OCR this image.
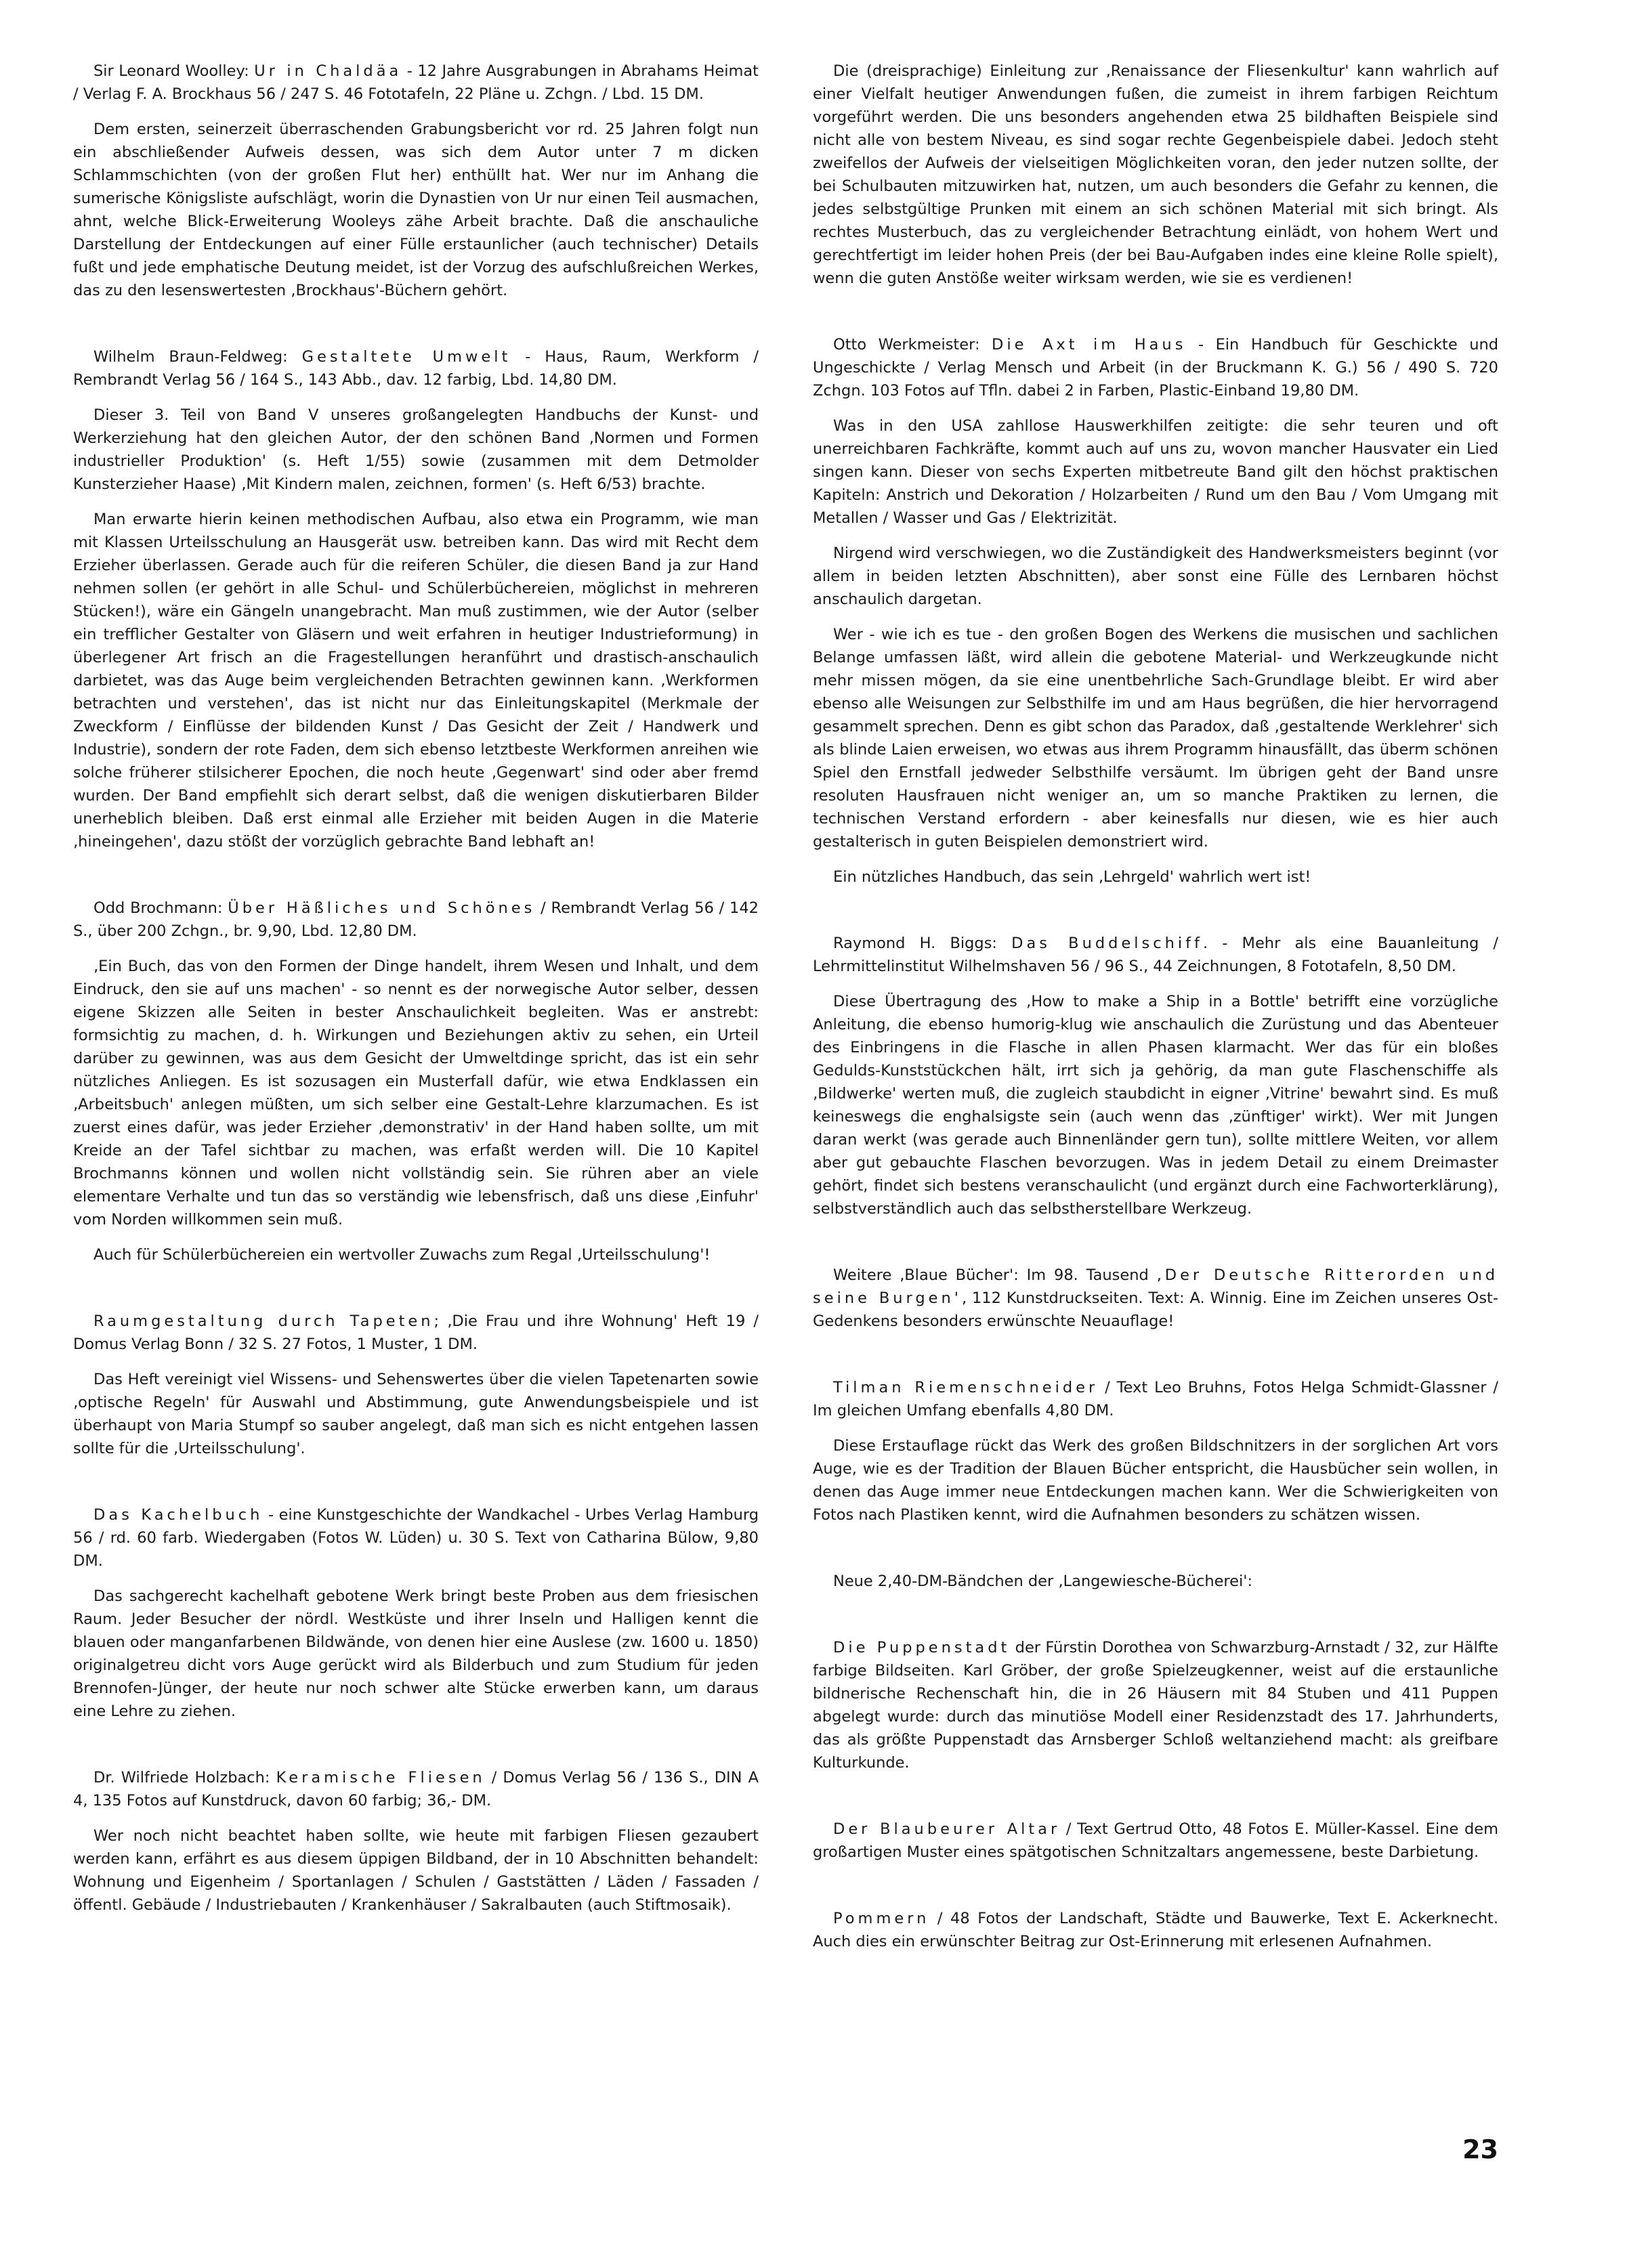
Sir Leonard Woolley: Ur in Chaldäa - 12 Jahre Ausgrabungen in Abrahams Heimat / Verlag F. A. Brockhaus 56 / 247 S. 46 Fototafeln, 22 Pläne u. Zchgn. / Lbd. 15 DM.

Dem ersten, seinerzeit überraschenden Grabungsbericht vor rd. 25 Jahren folgt nun ein abschließender Aufweis dessen, was sich dem Autor unter 7 m dicken Schlammschichten (von der großen Flut her) enthüllt hat. Wer nur im Anhang die sumerische Königsliste aufschlägt, worin die Dynastien von Ur nur einen Teil ausmachen, ahnt, welche Blick-Erweiterung Wooleys zähe Arbeit brachte. Daß die anschauliche Darstellung der Entdeckungen auf einer Fülle erstaunlicher (auch technischer) Details fußt und jede emphatische Deutung meidet, ist der Vorzug des aufschlußreichen Werkes, das zu den lesenswertesten ‚Brockhaus'-Büchern gehört.

Wilhelm Braun-Feldweg: Gestaltete Umwelt - Haus, Raum, Werkform / Rembrandt Verlag 56 / 164 S., 143 Abb., dav. 12 farbig, Lbd. 14,80 DM.

Dieser 3. Teil von Band V unseres großangelegten Handbuchs der Kunst- und Werkerziehung hat den gleichen Autor, der den schönen Band ‚Normen und Formen industrieller Produktion' (s. Heft 1/55) sowie (zusammen mit dem Detmolder Kunsterzieher Haase) ‚Mit Kindern malen, zeichnen, formen' (s. Heft 6/53) brachte.

Man erwarte hierin keinen methodischen Aufbau, also etwa ein Programm, wie man mit Klassen Urteilsschulung an Hausgerät usw. betreiben kann. Das wird mit Recht dem Erzieher überlassen. Gerade auch für die reiferen Schüler, die diesen Band ja zur Hand nehmen sollen (er gehört in alle Schul- und Schülerbüchereien, möglichst in mehreren Stücken!), wäre ein Gängeln unangebracht. Man muß zustimmen, wie der Autor (selber ein trefflicher Gestalter von Gläsern und weit erfahren in heutiger Industrieformung) in überlegener Art frisch an die Fragestellungen heranführt und drastisch-anschaulich darbietet, was das Auge beim vergleichenden Betrachten gewinnen kann. ‚Werkformen betrachten und verstehen', das ist nicht nur das Einleitungskapitel (Merkmale der Zweckform / Einflüsse der bildenden Kunst / Das Gesicht der Zeit / Handwerk und Industrie), sondern der rote Faden, dem sich ebenso letztbeste Werkformen anreihen wie solche früherer stilsicherer Epochen, die noch heute ‚Gegenwart' sind oder aber fremd wurden. Der Band empfiehlt sich derart selbst, daß die wenigen diskutierbaren Bilder unerheblich bleiben. Daß erst einmal alle Erzieher mit beiden Augen in die Materie ‚hineingehen', dazu stößt der vorzüglich gebrachte Band lebhaft an!

Odd Brochmann: Über Häßliches und Schönes / Rembrandt Verlag 56 / 142 S., über 200 Zchgn., br. 9,90, Lbd. 12,80 DM.

‚Ein Buch, das von den Formen der Dinge handelt, ihrem Wesen und Inhalt, und dem Eindruck, den sie auf uns machen' - so nennt es der norwegische Autor selber, dessen eigene Skizzen alle Seiten in bester Anschaulichkeit begleiten. Was er anstrebt: formsichtig zu machen, d. h. Wirkungen und Beziehungen aktiv zu sehen, ein Urteil darüber zu gewinnen, was aus dem Gesicht der Umweltdinge spricht, das ist ein sehr nützliches Anliegen. Es ist sozusagen ein Musterfall dafür, wie etwa Endklassen ein ‚Arbeitsbuch' anlegen müßten, um sich selber eine Gestalt-Lehre klarzumachen. Es ist zuerst eines dafür, was jeder Erzieher ‚demonstrativ' in der Hand haben sollte, um mit Kreide an der Tafel sichtbar zu machen, was erfaßt werden will. Die 10 Kapitel Brochmanns können und wollen nicht vollständig sein. Sie rühren aber an viele elementare Verhalte und tun das so verständig wie lebensfrisch, daß uns diese ‚Einfuhr' vom Norden willkommen sein muß.

Auch für Schülerbüchereien ein wertvoller Zuwachs zum Regal ‚Urteilsschulung'!

Raumgestaltung durch Tapeten; ‚Die Frau und ihre Wohnung' Heft 19 / Domus Verlag Bonn / 32 S. 27 Fotos, 1 Muster, 1 DM.

Das Heft vereinigt viel Wissens- und Sehenswertes über die vielen Tapetenarten sowie ‚optische Regeln' für Auswahl und Abstimmung, gute Anwendungsbeispiele und ist überhaupt von Maria Stumpf so sauber angelegt, daß man sich es nicht entgehen lassen sollte für die ‚Urteilsschulung'.

Das Kachelbuch - eine Kunstgeschichte der Wandkachel - Urbes Verlag Hamburg 56 / rd. 60 farb. Wiedergaben (Fotos W. Lüden) u. 30 S. Text von Catharina Bülow, 9,80 DM.

Das sachgerecht kachelhaft gebotene Werk bringt beste Proben aus dem friesischen Raum. Jeder Besucher der nördl. Westküste und ihrer Inseln und Halligen kennt die blauen oder manganfarbenen Bildwände, von denen hier eine Auslese (zw. 1600 u. 1850) originalgetreu dicht vors Auge gerückt wird als Bilderbuch und zum Studium für jeden Brennofen-Jünger, der heute nur noch schwer alte Stücke erwerben kann, um daraus eine Lehre zu ziehen.

Dr. Wilfriede Holzbach: Keramische Fliesen / Domus Verlag 56 / 136 S., DIN A 4, 135 Fotos auf Kunstdruck, davon 60 farbig; 36,- DM.

Wer noch nicht beachtet haben sollte, wie heute mit farbigen Fliesen gezaubert werden kann, erfährt es aus diesem üppigen Bildband, der in 10 Abschnitten behandelt: Wohnung und Eigenheim / Sportanlagen / Schulen / Gaststätten / Läden / Fassaden / öffentl. Gebäude / Industriebauten / Krankenhäuser / Sakralbauten (auch Stiftmosaik).

Die (dreisprachige) Einleitung zur ‚Renaissance der Fliesenkultur' kann wahrlich auf einer Vielfalt heutiger Anwendungen fußen, die zumeist in ihrem farbigen Reichtum vorgeführt werden. Die uns besonders angehenden etwa 25 bildhaften Beispiele sind nicht alle von bestem Niveau, es sind sogar rechte Gegenbeispiele dabei. Jedoch steht zweifellos der Aufweis der vielseitigen Möglichkeiten voran, den jeder nutzen sollte, der bei Schulbauten mitzuwirken hat, nutzen, um auch besonders die Gefahr zu kennen, die jedes selbstgültige Prunken mit einem an sich schönen Material mit sich bringt. Als rechtes Musterbuch, das zu vergleichender Betrachtung einlädt, von hohem Wert und gerechtfertigt im leider hohen Preis (der bei Bau-Aufgaben indes eine kleine Rolle spielt), wenn die guten Anstöße weiter wirksam werden, wie sie es verdienen!

Otto Werkmeister: Die Axt im Haus - Ein Handbuch für Geschickte und Ungeschickte / Verlag Mensch und Arbeit (in der Bruckmann K. G.) 56 / 490 S. 720 Zchgn. 103 Fotos auf Tfln. dabei 2 in Farben, Plastic-Einband 19,80 DM.

Was in den USA zahllose Hauswerkhilfen zeitigte: die sehr teuren und oft unerreichbaren Fachkräfte, kommt auch auf uns zu, wovon mancher Hausvater ein Lied singen kann. Dieser von sechs Experten mitbetreute Band gilt den höchst praktischen Kapiteln: Anstrich und Dekoration / Holzarbeiten / Rund um den Bau / Vom Umgang mit Metallen / Wasser und Gas / Elektrizität.

Nirgend wird verschwiegen, wo die Zuständigkeit des Handwerksmeisters beginnt (vor allem in beiden letzten Abschnitten), aber sonst eine Fülle des Lernbaren höchst anschaulich dargetan.

Wer - wie ich es tue - den großen Bogen des Werkens die musischen und sachlichen Belange umfassen läßt, wird allein die gebotene Material- und Werkzeugkunde nicht mehr missen mögen, da sie eine unentbehrliche Sach-Grundlage bleibt. Er wird aber ebenso alle Weisungen zur Selbsthilfe im und am Haus begrüßen, die hier hervorragend gesammelt sprechen. Denn es gibt schon das Paradox, daß ‚gestaltende Werklehrer' sich als blinde Laien erweisen, wo etwas aus ihrem Programm hinausfällt, das überm schönen Spiel den Ernstfall jedweder Selbsthilfe versäumt. Im übrigen geht der Band unsre resoluten Hausfrauen nicht weniger an, um so manche Praktiken zu lernen, die technischen Verstand erfordern - aber keinesfalls nur diesen, wie es hier auch gestalterisch in guten Beispielen demonstriert wird.

Ein nützliches Handbuch, das sein ‚Lehrgeld' wahrlich wert ist!

Raymond H. Biggs: Das Buddelschiff. - Mehr als eine Bauanleitung / Lehrmittelinstitut Wilhelmshaven 56 / 96 S., 44 Zeichnungen, 8 Fototafeln, 8,50 DM.

Diese Übertragung des ‚How to make a Ship in a Bottle' betrifft eine vorzügliche Anleitung, die ebenso humorig-klug wie anschaulich die Zurüstung und das Abenteuer des Einbringens in die Flasche in allen Phasen klarmacht. Wer das für ein bloßes Gedulds-Kunststückchen hält, irrt sich ja gehörig, da man gute Flaschenschiffe als ‚Bildwerke' werten muß, die zugleich staubdicht in eigner ‚Vitrine' bewahrt sind. Es muß keineswegs die enghalsigste sein (auch wenn das ‚zünftiger' wirkt). Wer mit Jungen daran werkt (was gerade auch Binnenländer gern tun), sollte mittlere Weiten, vor allem aber gut gebauchte Flaschen bevorzugen. Was in jedem Detail zu einem Dreimaster gehört, findet sich bestens veranschaulicht (und ergänzt durch eine Fachworterklärung), selbstverständlich auch das selbstherstellbare Werkzeug.

Weitere ‚Blaue Bücher': Im 98. Tausend ‚Der Deutsche Ritterorden und seine Burgen', 112 Kunstdruckseiten. Text: A. Winnig. Eine im Zeichen unseres Ost-Gedenkens besonders erwünschte Neuauflage!

Tilman Riemenschneider / Text Leo Bruhns, Fotos Helga Schmidt-Glassner / Im gleichen Umfang ebenfalls 4,80 DM.

Diese Erstauflage rückt das Werk des großen Bildschnitzers in der sorglichen Art vors Auge, wie es der Tradition der Blauen Bücher entspricht, die Hausbücher sein wollen, in denen das Auge immer neue Entdeckungen machen kann. Wer die Schwierigkeiten von Fotos nach Plastiken kennt, wird die Aufnahmen besonders zu schätzen wissen.

Neue 2,40-DM-Bändchen der ‚Langewiesche-Bücherei':

Die Puppenstadt der Fürstin Dorothea von Schwarzburg-Arnstadt / 32, zur Hälfte farbige Bildseiten. Karl Gröber, der große Spielzeugkenner, weist auf die erstaunliche bildnerische Rechenschaft hin, die in 26 Häusern mit 84 Stuben und 411 Puppen abgelegt wurde: durch das minutiöse Modell einer Residenzstadt des 17. Jahrhunderts, das als größte Puppenstadt das Arnsberger Schloß weltanziehend macht: als greifbare Kulturkunde.

Der Blaubeurer Altar / Text Gertrud Otto, 48 Fotos E. Müller-Kassel. Eine dem großartigen Muster eines spätgotischen Schnitzaltars angemessene, beste Darbietung.

Pommern / 48 Fotos der Landschaft, Städte und Bauwerke, Text E. Ackerknecht. Auch dies ein erwünschter Beitrag zur Ost-Erinnerung mit erlesenen Aufnahmen.

23
